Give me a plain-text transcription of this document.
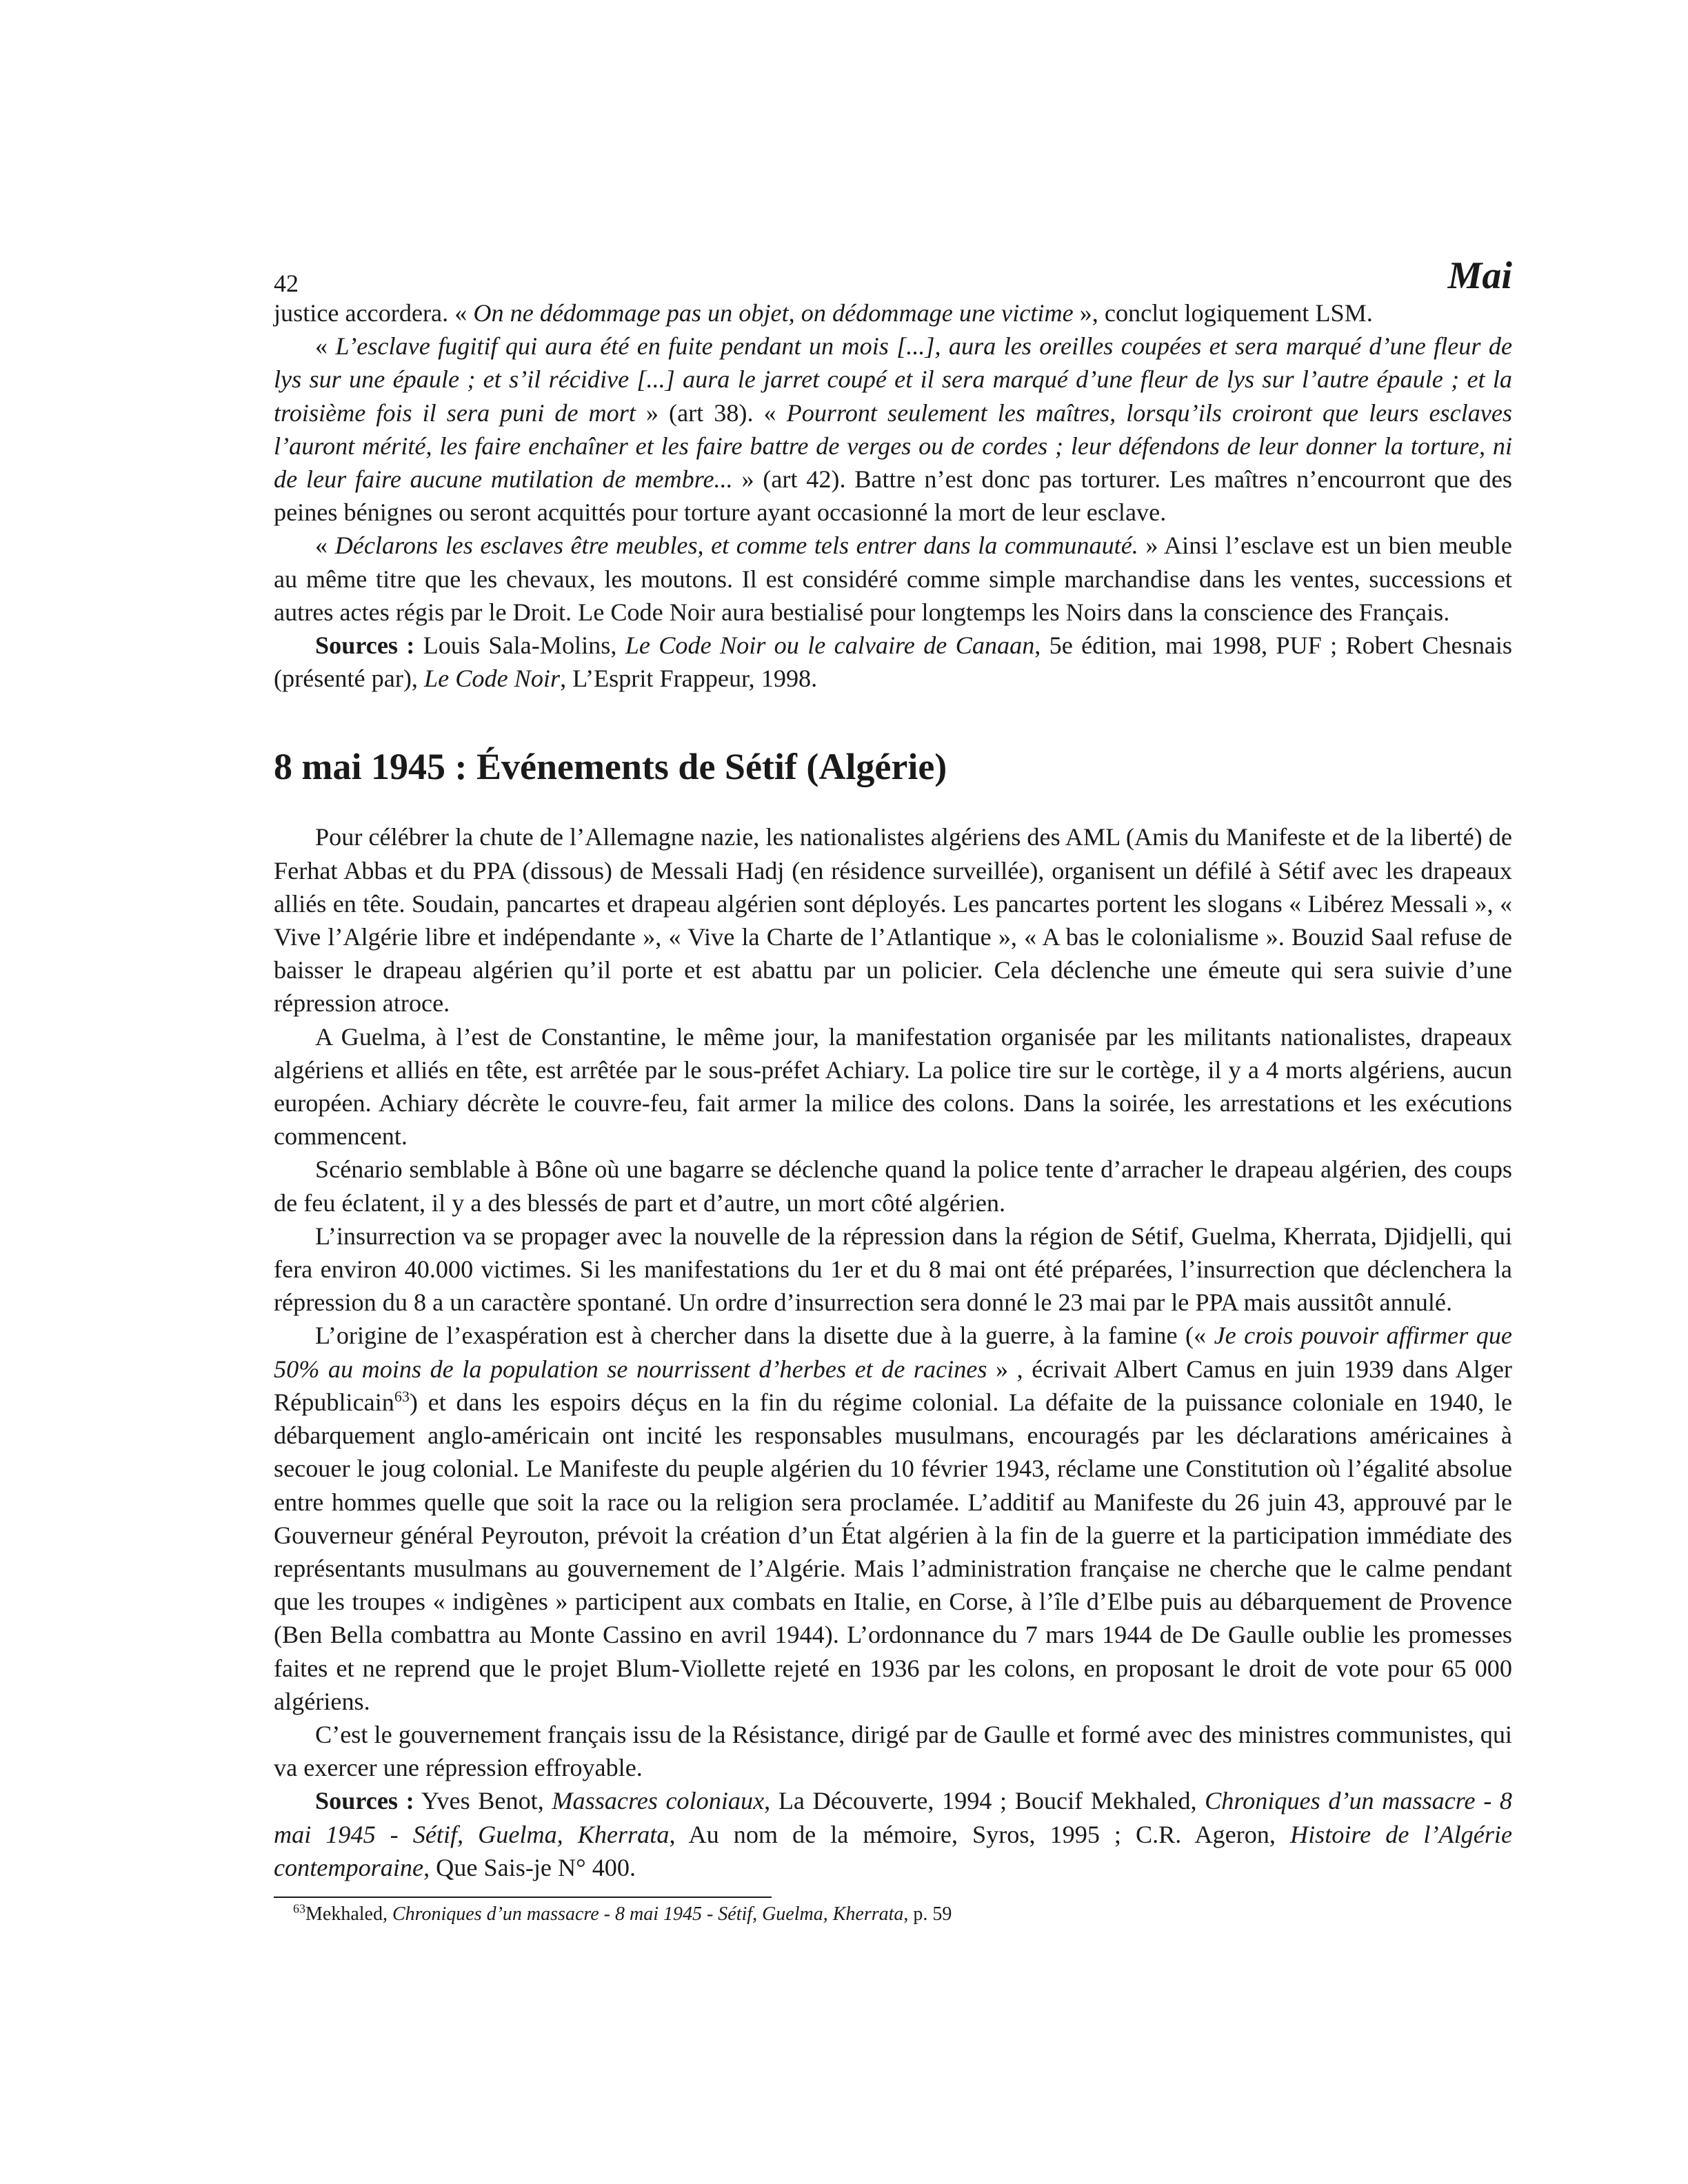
42	Mai

justice accordera. « On ne dédommage pas un objet, on dédommage une victime », conclut logiquement LSM.

« L’esclave fugitif qui aura été en fuite pendant un mois [...], aura les oreilles coupées et sera marqué d’une fleur de lys sur une épaule ; et s’il récidive [...] aura le jarret coupé et il sera marqué d’une fleur de lys sur l’autre épaule ; et la troisième fois il sera puni de mort » (art 38). « Pourront seulement les maîtres, lorsqu’ils croiront que leurs esclaves l’auront mérité, les faire enchaîner et les faire battre de verges ou de cordes ; leur défendons de leur donner la torture, ni de leur faire aucune mutilation de membre... » (art 42). Battre n’est donc pas torturer. Les maîtres n’encourront que des peines bénignes ou seront acquittés pour torture ayant occasionné la mort de leur esclave.

« Déclarons les esclaves être meubles, et comme tels entrer dans la communauté. » Ainsi l’esclave est un bien meuble au même titre que les chevaux, les moutons. Il est considéré comme simple marchandise dans les ventes, successions et autres actes régis par le Droit. Le Code Noir aura bestialisé pour longtemps les Noirs dans la conscience des Français.

Sources : Louis Sala-Molins, Le Code Noir ou le calvaire de Canaan, 5e édition, mai 1998, PUF ; Robert Chesnais (présenté par), Le Code Noir, L’Esprit Frappeur, 1998.

8 mai 1945 : Événements de Sétif (Algérie)

Pour célébrer la chute de l’Allemagne nazie, les nationalistes algériens des AML (Amis du Manifeste et de la liberté) de Ferhat Abbas et du PPA (dissous) de Messali Hadj (en résidence surveillée), organisent un défilé à Sétif avec les drapeaux alliés en tête. Soudain, pancartes et drapeau algérien sont déployés. Les pancartes portent les slogans « Libérez Messali », « Vive l’Algérie libre et indépendante », « Vive la Charte de l’Atlantique », « A bas le colonialisme ». Bouzid Saal refuse de baisser le drapeau algérien qu’il porte et est abattu par un policier. Cela déclenche une émeute qui sera suivie d’une répression atroce.

A Guelma, à l’est de Constantine, le même jour, la manifestation organisée par les militants nationalistes, drapeaux algériens et alliés en tête, est arrêtée par le sous-préfet Achiary. La police tire sur le cortège, il y a 4 morts algériens, aucun européen. Achiary décrète le couvre-feu, fait armer la milice des colons. Dans la soirée, les arrestations et les exécutions commencent.

Scénario semblable à Bône où une bagarre se déclenche quand la police tente d’arracher le drapeau algérien, des coups de feu éclatent, il y a des blessés de part et d’autre, un mort côté algérien.

L’insurrection va se propager avec la nouvelle de la répression dans la région de Sétif, Guelma, Kherrata, Djidjelli, qui fera environ 40.000 victimes. Si les manifestations du 1er et du 8 mai ont été préparées, l’insurrection que déclenchera la répression du 8 a un caractère spontané. Un ordre d’insurrection sera donné le 23 mai par le PPA mais aussitôt annulé.

L’origine de l’exaspération est à chercher dans la disette due à la guerre, à la famine (« Je crois pouvoir affirmer que 50% au moins de la population se nourrissent d’herbes et de racines » , écrivait Albert Camus en juin 1939 dans Alger Républicain$^{63}$) et dans les espoirs déçus en la fin du régime colonial. La défaite de la puissance coloniale en 1940, le débarquement anglo-américain ont incité les responsables musulmans, encouragés par les déclarations américaines à secouer le joug colonial. Le Manifeste du peuple algérien du 10 février 1943, réclame une Constitution où l’égalité absolue entre hommes quelle que soit la race ou la religion sera proclamée. L’additif au Manifeste du 26 juin 43, approuvé par le Gouverneur général Peyrouton, prévoit la création d’un État algérien à la fin de la guerre et la participation immédiate des représentants musulmans au gouvernement de l’Algérie. Mais l’administration française ne cherche que le calme pendant que les troupes « indigènes » participent aux combats en Italie, en Corse, à l’île d’Elbe puis au débarquement de Provence (Ben Bella combattra au Monte Cassino en avril 1944). L’ordonnance du 7 mars 1944 de De Gaulle oublie les promesses faites et ne reprend que le projet Blum-Viollette rejeté en 1936 par les colons, en proposant le droit de vote pour 65 000 algériens.

C’est le gouvernement français issu de la Résistance, dirigé par de Gaulle et formé avec des ministres communistes, qui va exercer une répression effroyable.

Sources : Yves Benot, Massacres coloniaux, La Découverte, 1994 ; Boucif Mekhaled, Chroniques d’un massacre - 8 mai 1945 - Sétif, Guelma, Kherrata, Au nom de la mémoire, Syros, 1995 ; C.R. Ageron, Histoire de l’Algérie contemporaine, Que Sais-je N° 400.

$^{63}$Mekhaled, Chroniques d’un massacre - 8 mai 1945 - Sétif, Guelma, Kherrata, p. 59
